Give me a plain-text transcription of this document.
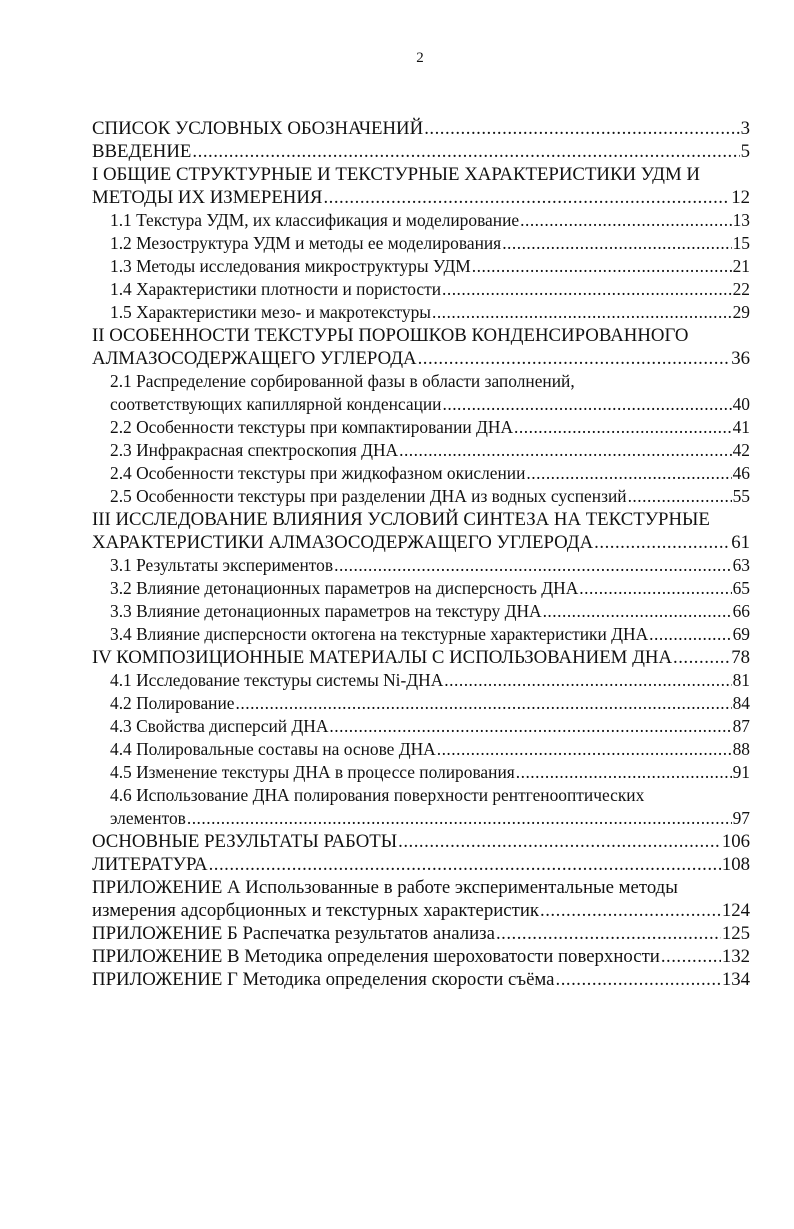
2
СПИСОК УСЛОВНЫХ ОБОЗНАЧЕНИЙ .....	3
ВВЕДЕНИЕ .....	5
I ОБЩИЕ СТРУКТУРНЫЕ И ТЕКСТУРНЫЕ ХАРАКТЕРИСТИКИ УДМ И
МЕТОДЫ ИХ ИЗМЕРЕНИЯ .....	12
1.1 Текстура УДМ, их классификация и моделирование .....	13
1.2 Мезоструктура УДМ и методы ее моделирования .....	15
1.3 Методы исследования микроструктуры УДМ .....	21
1.4 Характеристики плотности и пористости .....	22
1.5 Характеристики мезо- и макротекстуры .....	29
II ОСОБЕННОСТИ ТЕКСТУРЫ ПОРОШКОВ КОНДЕНСИРОВАННОГО
АЛМАЗОСОДЕРЖАЩЕГО УГЛЕРОДА .....	36
2.1 Распределение сорбированной фазы в области заполнений,
соответствующих капиллярной конденсации .....	40
2.2 Особенности текстуры при компактировании ДНА .....	41
2.3 Инфракрасная спектроскопия ДНА .....	42
2.4 Особенности текстуры при жидкофазном окислении .....	46
2.5 Особенности текстуры при разделении ДНА из водных суспензий .....	55
III ИССЛЕДОВАНИЕ ВЛИЯНИЯ УСЛОВИЙ СИНТЕЗА НА ТЕКСТУРНЫЕ
ХАРАКТЕРИСТИКИ АЛМАЗОСОДЕРЖАЩЕГО УГЛЕРОДА .....	61
3.1 Результаты экспериментов .....	63
3.2 Влияние детонационных параметров на дисперсность ДНА .....	65
3.3 Влияние детонационных параметров на текстуру ДНА .....	66
3.4 Влияние дисперсности октогена на текстурные характеристики ДНА .....	69
IV КОМПОЗИЦИОННЫЕ МАТЕРИАЛЫ С ИСПОЛЬЗОВАНИЕМ ДНА .....	78
4.1 Исследование текстуры системы Ni-ДНА .....	81
4.2 Полирование .....	84
4.3 Свойства дисперсий ДНА .....	87
4.4 Полировальные составы на основе ДНА .....	88
4.5 Изменение текстуры ДНА в процессе полирования .....	91
4.6 Использование ДНА полирования поверхности рентгенооптических
элементов .....	97
ОСНОВНЫЕ РЕЗУЛЬТАТЫ РАБОТЫ .....	106
ЛИТЕРАТУРА .....	108
ПРИЛОЖЕНИЕ А Использованные в работе экспериментальные методы
измерения адсорбционных и текстурных характеристик .....	124
ПРИЛОЖЕНИЕ Б Распечатка результатов анализа .....	125
ПРИЛОЖЕНИЕ В Методика определения шероховатости поверхности .....	132
ПРИЛОЖЕНИЕ Г Методика определения скорости съёма .....	134
